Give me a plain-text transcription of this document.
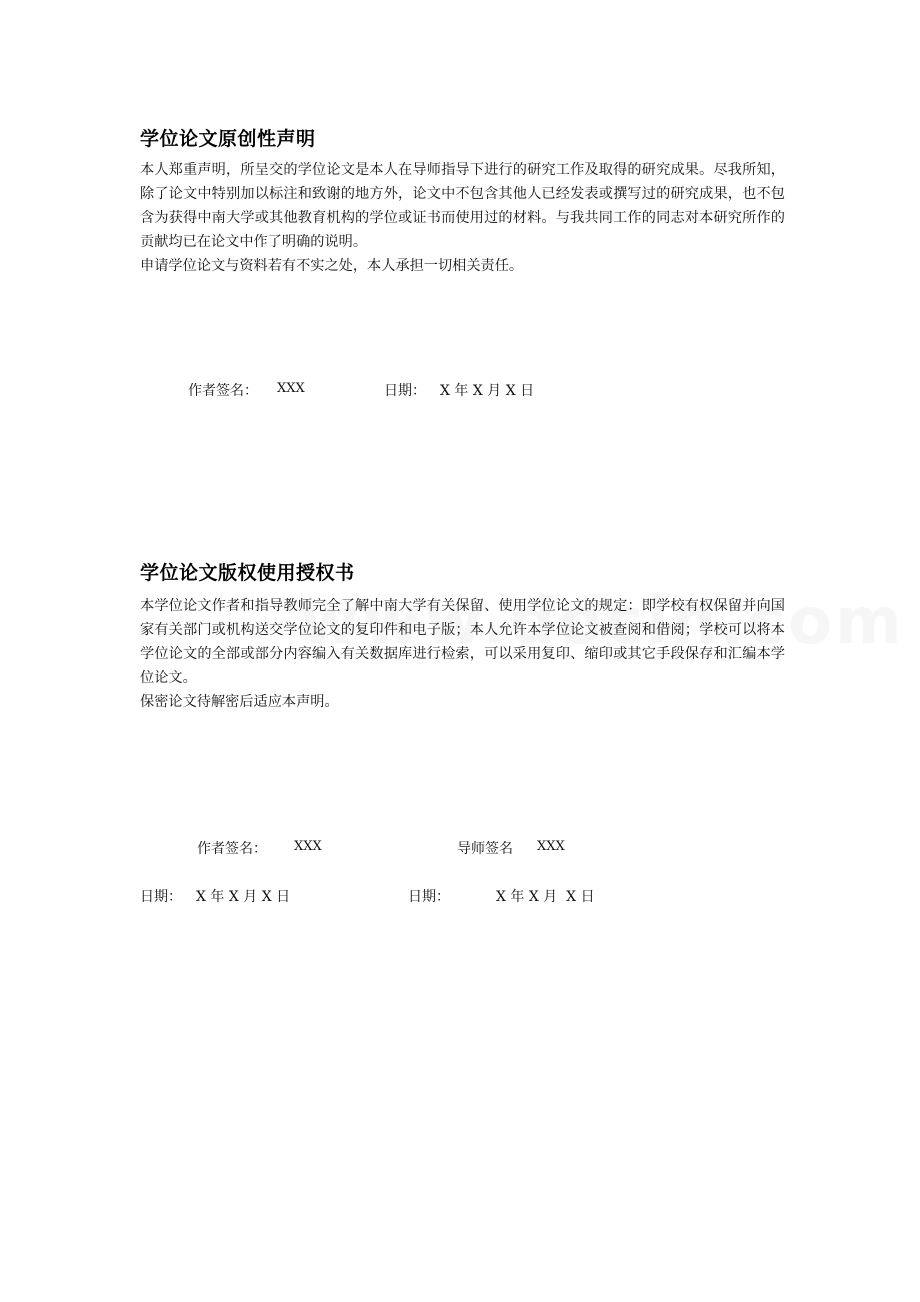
学位论文原创性声明

本人郑重声明，所呈交的学位论文是本人在导师指导下进行的研究工作及取得的研究成果。尽我所知，除了论文中特别加以标注和致谢的地方外，论文中不包含其他人已经发表或撰写过的研究成果，也不包含为获得中南大学或其他教育机构的学位或证书而使用过的材料。与我共同工作的同志对本研究所作的贡献均已在论文中作了明确的说明。

申请学位论文与资料若有不实之处，本人承担一切相关责任。

作者签名： XXX	日期： X 年 X 月 X 日
学位论文版权使用授权书

本学位论文作者和指导教师完全了解中南大学有关保留、使用学位论文的规定：即学校有权保留并向国家有关部门或机构送交学位论文的复印件和电子版；本人允许本学位论文被查阅和借阅；学校可以将本学位论文的全部或部分内容编入有关数据库进行检索，可以采用复印、缩印或其它手段保存和汇编本学位论文。

保密论文待解密后适应本声明。

作者签名： XXX	导师签名 XXX
日期： X 年 X 月 X 日	日期：	X 年 X 月  X 日
